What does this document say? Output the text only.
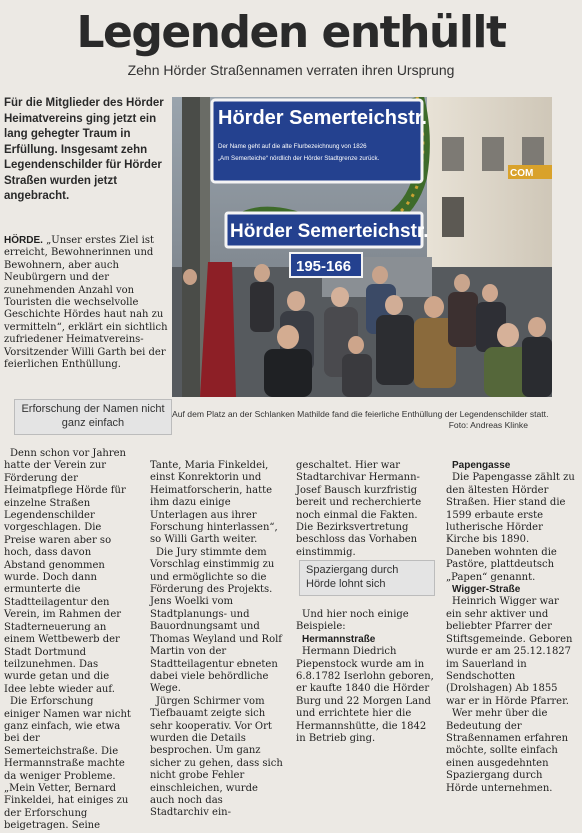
Legenden enthüllt
Zehn Hörder Straßennamen verraten ihren Ursprung
Für die Mitglieder des Hörder Heimatvereins ging jetzt ein lang gehegter Traum in Erfüllung. Insgesamt zehn Legendenschilder für Hörder Straßen wurden jetzt angebracht.
HÖRDE. „Unser erstes Ziel ist erreicht, Bewohnerinnen und Bewohnern, aber auch Neubürgern und der zunehmenden Anzahl von Touristen die wechselvolle Geschichte Hördes haut nah zu vermitteln“, erklärt ein sichtlich zufriedener Heimatvereins-Vorsitzender Willi Garth bei der feierlichen Enthüllung.
Erforschung der Namen nicht ganz einfach
COM
Hörder Semerteichstr.
Der Name geht auf die alte Flurbezeichnung von 1826
„Am Semerteiche“ nördlich der Hörder Stadtgrenze zurück.
Hörder Semerteichstr.
195-166
Auf dem Platz an der Schlanken Mathilde fand die feierliche Enthüllung der Legendenschilder statt.
Foto: Andreas Klinke

Denn schon vor Jahren hatte der Verein zur Förderung der Heimatpflege Hörde für einzelne Straßen Legendenschilder vorgeschlagen. Die Preise waren aber so hoch, dass davon Abstand genommen wurde. Doch dann ermunterte die Stadtteilagentur den Verein, im Rahmen der Stadterneuerung an einem Wettbewerb der Stadt Dortmund teilzunehmen. Das wurde getan und die Idee lebte wieder auf.

Die Erforschung einiger Namen war nicht ganz einfach, wie etwa bei der Semerteichstraße. Die Hermannstraße machte da weniger Probleme. „Mein Vetter, Bernard Finkeldei, hat einiges zu der Erforschung beigetragen. Seine

Tante, Maria Finkeldei, einst Konrektorin und Heimatforscherin, hatte ihm dazu einige Unterlagen aus ihrer Forschung hinterlassen“, so Willi Garth weiter.

Die Jury stimmte dem Vorschlag einstimmig zu und ermöglichte so die Förderung des Projekts. Jens Woelki vom Stadtplanungs- und Bauordnungsamt und Thomas Weyland und Rolf Martin von der Stadtteilagentur ebneten dabei viele behördliche Wege.

Jürgen Schirmer vom Tiefbauamt zeigte sich sehr kooperativ. Vor Ort wurden die Details besprochen. Um ganz sicher zu gehen, dass sich nicht grobe Fehler einschleichen, wurde auch noch das Stadtarchiv ein-

geschaltet. Hier war Stadtarchivar Hermann-Josef Bausch kurzfristig bereit und recherchierte noch einmal die Fakten. Die Bezirksvertretung beschloss das Vorhaben einstimmig.

Spaziergang durch Hörde lohnt sich

Und hier noch einige Beispiele:

Hermannstraße

Hermann Diedrich Piepenstock wurde am in 6.8.1782 Iserlohn geboren, er kaufte 1840 die Hörder Burg und 22 Morgen Land und errichtete hier die Hermannshütte, die 1842 in Betrieb ging.

Papengasse

Die Papengasse zählt zu den ältesten Hörder Straßen. Hier stand die 1599 erbaute erste lutherische Hörder Kirche bis 1890. Daneben wohnten die Pastöre, plattdeutsch „Papen“ genannt.

Wigger-Straße

Heinrich Wigger war ein sehr aktiver und beliebter Pfarrer der Stiftsgemeinde. Geboren wurde er am 25.12.1827 im Sauerland in Sendschotten (Drolshagen) Ab 1855 war er in Hörde Pfarrer.

Wer mehr über die Bedeutung der Straßennamen erfahren möchte, sollte einfach einen ausgedehnten Spaziergang durch Hörde unternehmen.
